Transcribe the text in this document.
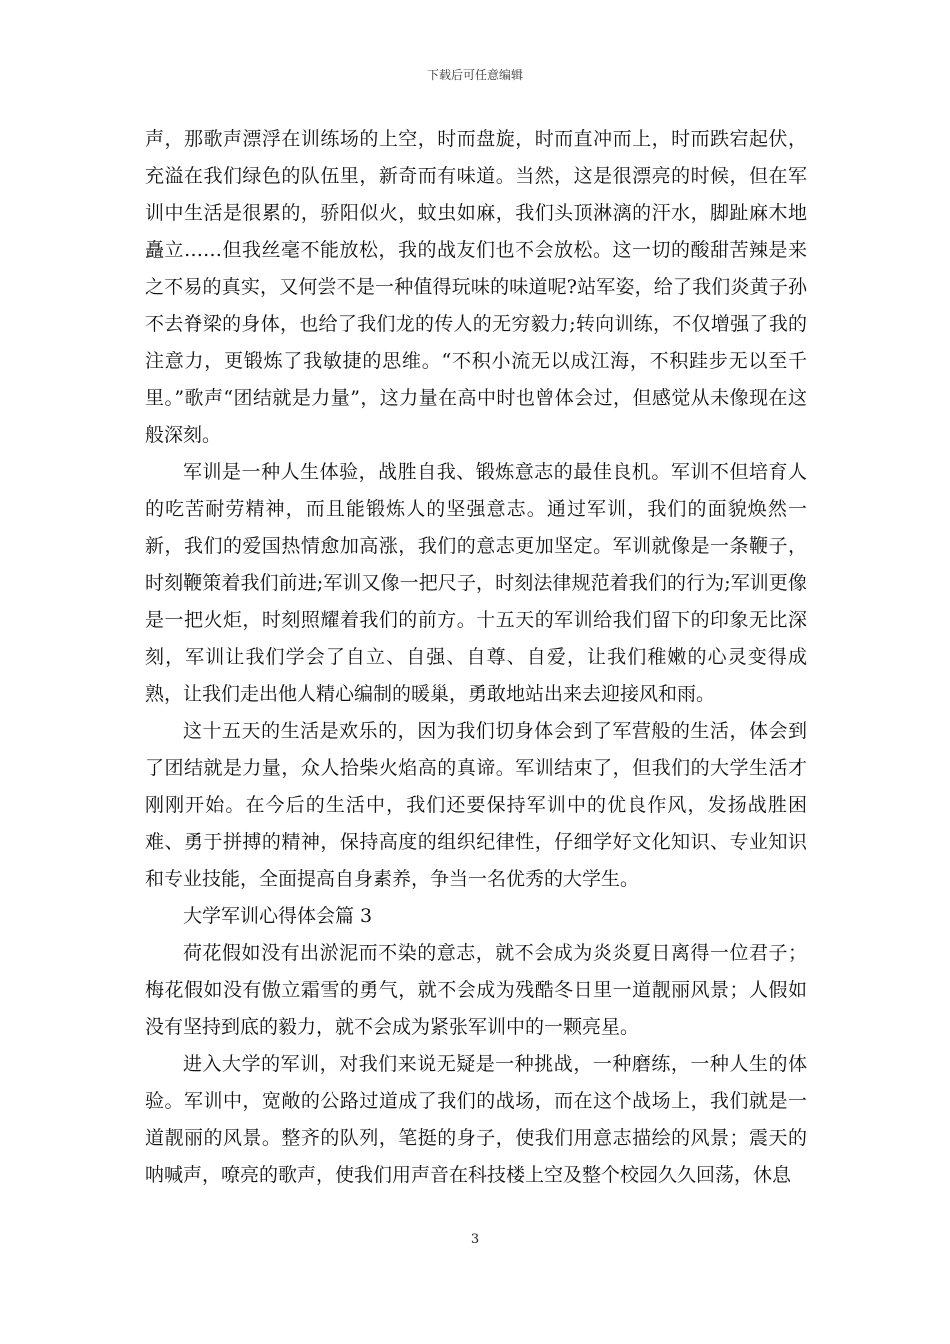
下载后可任意编辑

声，那歌声漂浮在训练场的上空，时而盘旋，时而直冲而上，时而跌宕起伏，充溢在我们绿色的队伍里，新奇而有味道。当然，这是很漂亮的时候，但在军训中生活是很累的，骄阳似火，蚊虫如麻，我们头顶淋漓的汗水，脚趾麻木地矗立……但我丝毫不能放松，我的战友们也不会放松。这一切的酸甜苦辣是来之不易的真实，又何尝不是一种值得玩味的味道呢?站军姿，给了我们炎黄子孙不去脊梁的身体，也给了我们龙的传人的无穷毅力;转向训练，不仅增强了我的注意力，更锻炼了我敏捷的思维。“不积小流无以成江海，不积跬步无以至千里。”歌声“团结就是力量”，这力量在高中时也曾体会过，但感觉从未像现在这般深刻。

军训是一种人生体验，战胜自我、锻炼意志的最佳良机。军训不但培育人的吃苦耐劳精神，而且能锻炼人的坚强意志。通过军训，我们的面貌焕然一新，我们的爱国热情愈加高涨，我们的意志更加坚定。军训就像是一条鞭子，时刻鞭策着我们前进;军训又像一把尺子，时刻法律规范着我们的行为;军训更像是一把火炬，时刻照耀着我们的前方。十五天的军训给我们留下的印象无比深刻，军训让我们学会了自立、自强、自尊、自爱，让我们稚嫩的心灵变得成熟，让我们走出他人精心编制的暖巢，勇敢地站出来去迎接风和雨。

这十五天的生活是欢乐的，因为我们切身体会到了军营般的生活，体会到了团结就是力量，众人拾柴火焰高的真谛。军训结束了，但我们的大学生活才刚刚开始。在今后的生活中，我们还要保持军训中的优良作风，发扬战胜困难、勇于拼搏的精神，保持高度的组织纪律性，仔细学好文化知识、专业知识和专业技能，全面提高自身素养，争当一名优秀的大学生。

大学军训心得体会篇 3

荷花假如没有出淤泥而不染的意志，就不会成为炎炎夏日离得一位君子；梅花假如没有傲立霜雪的勇气，就不会成为残酷冬日里一道靓丽风景；人假如没有坚持到底的毅力，就不会成为紧张军训中的一颗亮星。

进入大学的军训，对我们来说无疑是一种挑战，一种磨练，一种人生的体验。军训中，宽敞的公路过道成了我们的战场，而在这个战场上，我们就是一道靓丽的风景。整齐的队列，笔挺的身子，使我们用意志描绘的风景；震天的呐喊声，嘹亮的歌声，使我们用声音在科技楼上空及整个校园久久回荡，休息

3
